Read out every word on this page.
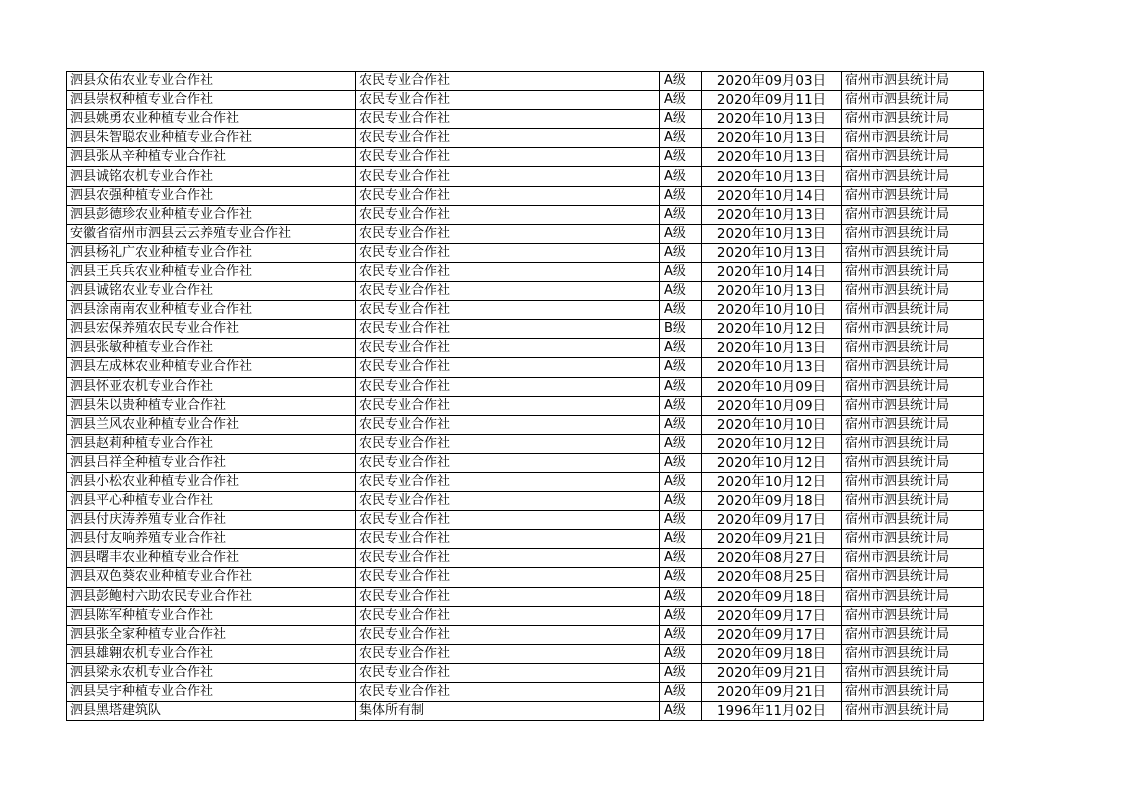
泗县众佑农业专业合作社	农民专业合作社	A级	2020年09月03日	宿州市泗县统计局
泗县崇权种植专业合作社	农民专业合作社	A级	2020年09月11日	宿州市泗县统计局
泗县姚勇农业种植专业合作社	农民专业合作社	A级	2020年10月13日	宿州市泗县统计局
泗县朱智聪农业种植专业合作社	农民专业合作社	A级	2020年10月13日	宿州市泗县统计局
泗县张从辛种植专业合作社	农民专业合作社	A级	2020年10月13日	宿州市泗县统计局
泗县诚铭农机专业合作社	农民专业合作社	A级	2020年10月13日	宿州市泗县统计局
泗县农强种植专业合作社	农民专业合作社	A级	2020年10月14日	宿州市泗县统计局
泗县彭德珍农业种植专业合作社	农民专业合作社	A级	2020年10月13日	宿州市泗县统计局
安徽省宿州市泗县云云养殖专业合作社	农民专业合作社	A级	2020年10月13日	宿州市泗县统计局
泗县杨礼广农业种植专业合作社	农民专业合作社	A级	2020年10月13日	宿州市泗县统计局
泗县王兵兵农业种植专业合作社	农民专业合作社	A级	2020年10月14日	宿州市泗县统计局
泗县诚铭农业专业合作社	农民专业合作社	A级	2020年10月13日	宿州市泗县统计局
泗县涂南南农业种植专业合作社	农民专业合作社	A级	2020年10月10日	宿州市泗县统计局
泗县宏保养殖农民专业合作社	农民专业合作社	B级	2020年10月12日	宿州市泗县统计局
泗县张敏种植专业合作社	农民专业合作社	A级	2020年10月13日	宿州市泗县统计局
泗县左成林农业种植专业合作社	农民专业合作社	A级	2020年10月13日	宿州市泗县统计局
泗县怀亚农机专业合作社	农民专业合作社	A级	2020年10月09日	宿州市泗县统计局
泗县朱以贵种植专业合作社	农民专业合作社	A级	2020年10月09日	宿州市泗县统计局
泗县兰风农业种植专业合作社	农民专业合作社	A级	2020年10月10日	宿州市泗县统计局
泗县赵莉种植专业合作社	农民专业合作社	A级	2020年10月12日	宿州市泗县统计局
泗县吕祥全种植专业合作社	农民专业合作社	A级	2020年10月12日	宿州市泗县统计局
泗县小松农业种植专业合作社	农民专业合作社	A级	2020年10月12日	宿州市泗县统计局
泗县平心种植专业合作社	农民专业合作社	A级	2020年09月18日	宿州市泗县统计局
泗县付庆涛养殖专业合作社	农民专业合作社	A级	2020年09月17日	宿州市泗县统计局
泗县付友响养殖专业合作社	农民专业合作社	A级	2020年09月21日	宿州市泗县统计局
泗县曙丰农业种植专业合作社	农民专业合作社	A级	2020年08月27日	宿州市泗县统计局
泗县双色葵农业种植专业合作社	农民专业合作社	A级	2020年08月25日	宿州市泗县统计局
泗县彭鲍村六助农民专业合作社	农民专业合作社	A级	2020年09月18日	宿州市泗县统计局
泗县陈军种植专业合作社	农民专业合作社	A级	2020年09月17日	宿州市泗县统计局
泗县张全家种植专业合作社	农民专业合作社	A级	2020年09月17日	宿州市泗县统计局
泗县雄翱农机专业合作社	农民专业合作社	A级	2020年09月18日	宿州市泗县统计局
泗县梁永农机专业合作社	农民专业合作社	A级	2020年09月21日	宿州市泗县统计局
泗县吴宇种植专业合作社	农民专业合作社	A级	2020年09月21日	宿州市泗县统计局
泗县黑塔建筑队	集体所有制	A级	1996年11月02日	宿州市泗县统计局
